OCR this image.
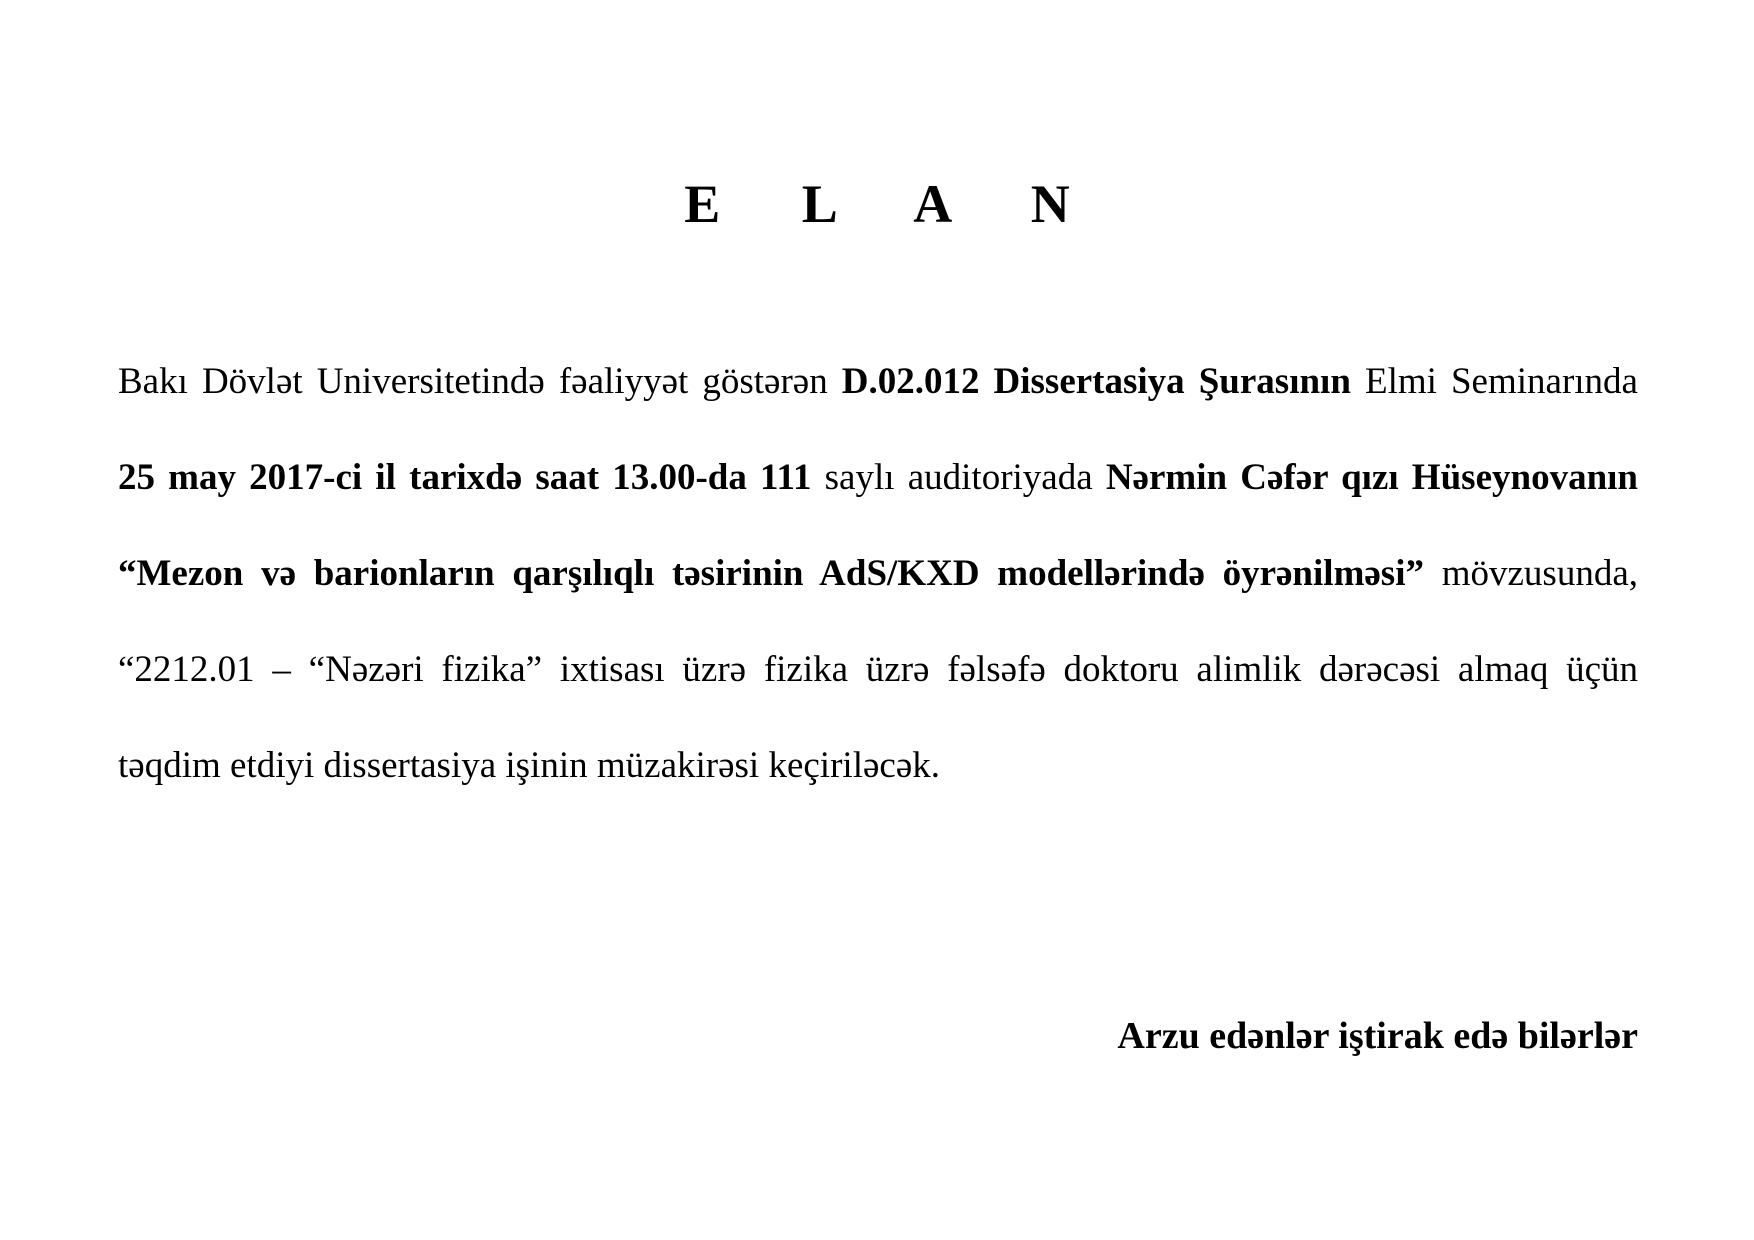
E L A N

Bakı Dövlət Universitetində fəaliyyət göstərən D.02.012 Dissertasiya Şurasının Elmi Seminarında 25 may 2017-ci il tarixdə saat 13.00-da 111 saylı auditoriyada Nərmin Cəfər qızı Hüseynovanın “Mezon və barionların qarşılıqlı təsirinin AdS/KXD modellərində öyrənilməsi” mövzusunda, “2212.01 – “Nəzəri fizika” ixtisası üzrə fizika üzrə fəlsəfə doktoru alimlik dərəcəsi almaq üçün təqdim etdiyi dissertasiya işinin müzakirəsi keçiriləcək.

Arzu edənlər iştirak edə bilərlər
